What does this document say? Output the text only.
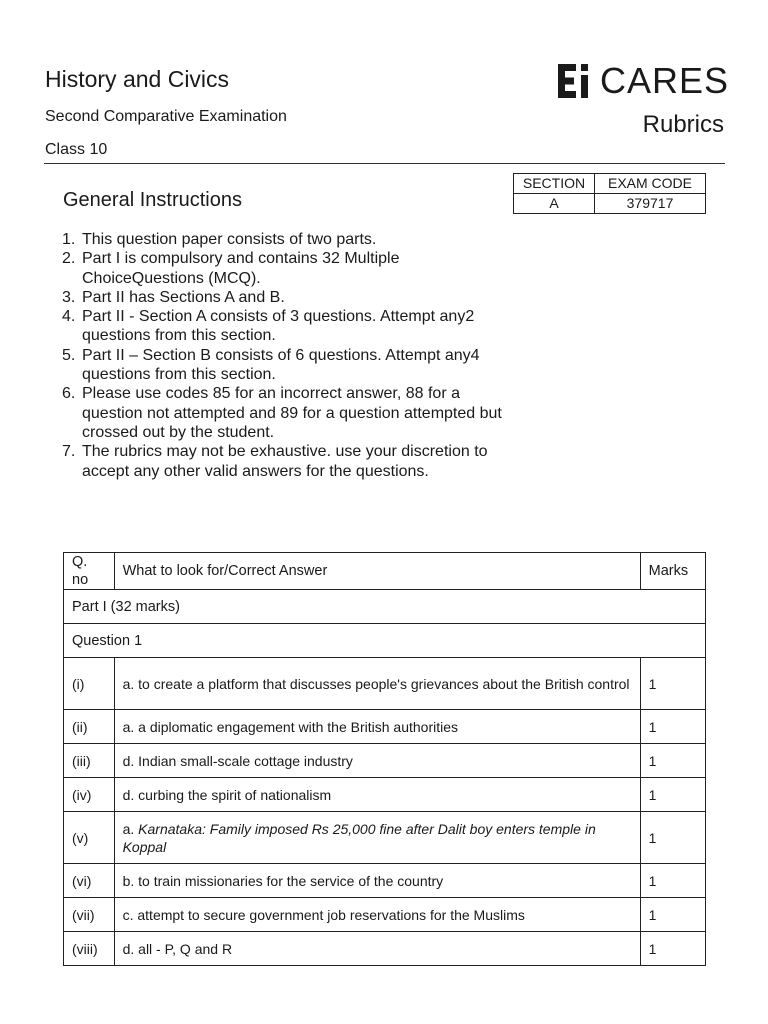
History and Civics
Second Comparative Examination
Class 10
CARES
Rubrics
General Instructions
SECTION	EXAM CODE
A	379717
1. This question paper consists of two parts.
2. Part I is compulsory and contains 32 Multiple ChoiceQuestions (MCQ).
3. Part II has Sections A and B.
4. Part II - Section A consists of 3 questions. Attempt any2 questions from this section.
5. Part II – Section B consists of 6 questions. Attempt any4 questions from this section.
6. Please use codes 85 for an incorrect answer, 88 for a question not attempted and 89 for a question attempted but crossed out by the student.
7. The rubrics may not be exhaustive. use your discretion to accept any other valid answers for the questions.
Q. no	What to look for/Correct Answer	Marks
Part I (32 marks)		
Question 1		
(i)	a. to create a platform that discusses people's grievances about the British control	1
(ii)	a. a diplomatic engagement with the British authorities	1
(iii)	d. Indian small-scale cottage industry	1
(iv)	d. curbing the spirit of nationalism	1
(v)	a. Karnataka: Family imposed Rs 25,000 fine after Dalit boy enters temple in Koppal	1
(vi)	b. to train missionaries for the service of the country	1
(vii)	c. attempt to secure government job reservations for the Muslims	1
(viii)	d. all - P, Q and R	1
